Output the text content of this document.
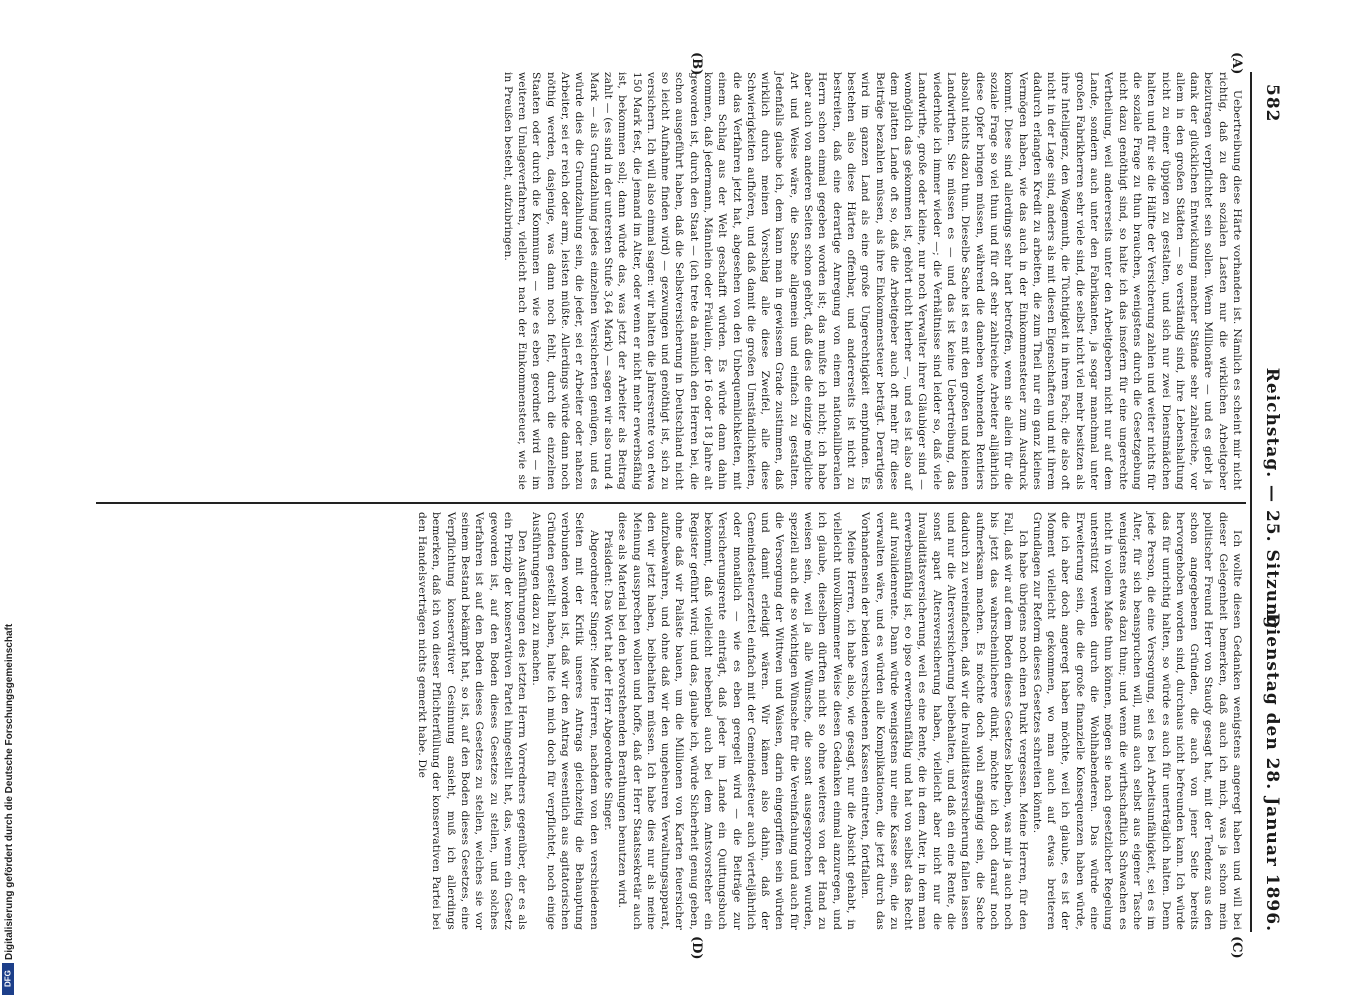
582
Reichstag. — 25. Sitzung.
Dienstag den 28. Januar 1896.
(A)
(B)
(C)
(D)

Uebertreibung diese Härte vorhanden ist. Nämlich es scheint mir nicht richtig, daß zu den sozialen Lasten nur die wirklichen Arbeitgeber beizutragen verpflichtet sein sollen. Wenn Millionäre — und es giebt ja dank der glücklichen Entwicklung mancher Stände sehr zahlreiche, vor allem in den großen Städten — so verständig sind, ihre Lebenshaltung nicht zu einer üppigen zu gestalten, und sich nur zwei Dienstmädchen halten und für sie die Hälfte der Versicherung zahlen und weiter nichts für die soziale Frage zu thun brauchen, wenigstens durch die Gesetzgebung nicht dazu genöthigt sind, so halte ich das insofern für eine ungerechte Vertheilung, weil andererseits unter den Arbeitgebern nicht nur auf dem Lande, sondern auch unter den Fabrikanten, ja sogar manchmal unter großen Fabrikherren sehr viele sind, die selbst nicht viel mehr besitzen als ihre Intelligenz, den Wagemuth, die Tüchtigkeit in ihrem Fach; die also oft nicht in der Lage sind, anders als mit diesen Eigenschaften und mit ihrem dadurch erlangten Kredit zu arbeiten, die zum Theil nur ein ganz kleines Vermögen haben, wie das auch in der Einkommensteuer zum Ausdruck kommt. Diese sind allerdings sehr hart betroffen, wenn sie allein für die soziale Frage so viel thun und für oft sehr zahlreiche Arbeiter alljährlich diese Opfer bringen müssen, während die daneben wohnenden Rentiers absolut nichts dazu thun. Dieselbe Sache ist es mit den großen und kleinen Landwirthen. Sie müssen es — und das ist keine Uebertreibung, das wiederhole ich immer wieder —; die Verhältnisse sind leider so, daß viele Landwirthe, große oder kleine, nur noch Verwalter ihrer Gläubiger sind — womöglich das gekommen ist, gehört nicht hierher —, und es ist also auf dem platten Lande oft so, daß die Arbeitgeber auch oft mehr für diese Beiträge bezahlen müssen, als ihre Einkommensteuer beträgt. Derartiges wird im ganzen Land als eine große Ungerechtigkeit empfunden. Es bestehen also diese Härten offenbar, und andererseits ist nicht zu bestreiten, daß eine derartige Anregung von einem nationalliberalen Herrn schon einmal gegeben worden ist; das mußte ich nicht; ich habe aber auch von anderen Seiten schon gehört, daß dies die einzige mögliche Art und Weise wäre, die Sache allgemein und einfach zu gestalten. Jedenfalls glaube ich, dem kann man in gewissem Grade zustimmen, daß wirklich durch meinen Vorschlag alle diese Zweifel, alle diese Schwierigkeiten aufhören, und daß damit die großen Umständlichkeiten, die das Verfahren jetzt hat, abgesehen von den Unbequemlichkeiten, mit einem Schlag aus der Welt geschafft würden. Es würde dann dahin kommen, daß jedermann, Männlein oder Fräulein, der 16 oder 18 Jahre alt geworden ist, durch den Staat — (ich trete da nämlich den Herren bei, die schon ausgeführt haben, daß die Selbstversicherung in Deutschland nicht so leicht Aufnahme finden wird) — gezwungen und genöthigt ist, sich zu versichern. Ich will also einmal sagen: wir halten die Jahresrente von etwa 150 Mark fest, die jemand im Alter, oder wenn er nicht mehr erwerbsfähig ist, bekommen soll; dann würde das, was jetzt der Arbeiter als Beitrag zahlt — (es sind in der untersten Stufe 3,64 Mark) — sagen wir also rund 4 Mark — als Grundzahlung jedes einzelnen Versicherten genügen, und es würde dies die Grundzahlung sein, die jeder, sei er Arbeiter oder nahezu Arbeiter, sei er reich oder arm, leisten müßte. Allerdings würde dann noch nöthig werden, dasjenige, was dann noch fehlt, durch die einzelnen Staaten oder durch die Kommunen — wie es eben geordnet wird — im weiteren Umlageverfahren, vielleicht nach der Einkommensteuer, wie sie in Preußen besteht, aufzubringen.

Ich wollte diesen Gedanken wenigstens angeregt haben und will bei dieser Gelegenheit bemerken, daß auch ich mich, was ja schon mein politischer Freund Herr von Staudy gesagt hat, mit der Tendenz aus den schon angegebenen Gründen, die auch von jener Seite bereits hervorgehoben worden sind, durchaus nicht befreunden kann. Ich würde das für unrichtig halten, so würde es auch für unerträglich halten. Denn jede Person, die eine Versorgung, sei es bei Arbeitsunfähigkeit, sei es im Alter, für sich beanspruchen will, muß auch selbst aus eigener Tasche wenigstens etwas dazu thun; und wenn die wirthschaftlich Schwachen es nicht in vollem Maße thun können, mögen sie nach gesetzlicher Regelung unterstützt werden durch die Wohlhabenderen. Das würde eine Erweiterung sein, die die große finanzielle Konsequenzen haben würde, die ich aber doch angeregt haben möchte, weil ich glaube, es ist der Moment vielleicht gekommen, wo man auch auf etwas breiteren Grundlagen zur Reform dieses Gesetzes schreiten könnte.

Ich habe übrigens noch einen Punkt vergessen. Meine Herren, für den Fall, daß wir auf dem Boden dieses Gesetzes bleiben, was mir ja auch noch bis jetzt das wahrscheinlichere dünkt, möchte ich doch darauf noch aufmerksam machen. Es möchte doch wohl angängig sein, die Sache dadurch zu vereinfachen, daß wir die Invaliditätsversicherung fallen lassen und nur die Altersversicherung beibehalten, und daß ein eine Rente, die sonst apart Altersversicherung haben, vielleicht aber nicht nur die Invaliditätsversicherung, weil es eine Rente, die in dem Alter, in dem man erwerbsunfähig ist, eo ipso erwerbsunfähig und hat von selbst das Recht auf Invalidenrente. Dann würde wenigstens nur eine Kasse sein, die zu verwalten wäre, und es würden alle Komplikationen, die jetzt durch das Vorhandensein der beiden verschiedenen Kassen eintreten, fortfallen.

Meine Herren, ich habe also, wie gesagt, nur die Absicht gehabt, in vielleicht unvollkommener Weise diesen Gedanken einmal anzuregen, und ich glaube, dieselben dürften nicht so ohne weiteres von der Hand zu weisen sein, weil ja alle Wünsche, die sonst ausgesprochen wurden, speziell auch die so wichtigen Wünsche für die Vereinfachung und auch für die Versorgung der Wittwen und Waisen, darin eingegriffen sein würden und damit erledigt wären. Wir kämen also dahin, daß der Gemeindesteuerzettel einfach mit der Gemeindesteuer auch vierteljährlich oder monatlich — wie es eben geregelt wird — die Beiträge zur Versicherungsrente einträgt, daß jeder im Lande ein Quittungsbuch bekommt, daß vielleicht nebenbei auch bei dem Amtsvorsteher ein Register geführt wird; und das, glaube ich, würde Sicherheit genug geben, ohne daß wir Paläste bauen, um die Millionen von Karten feuersicher aufzubewahren, und ohne daß wir den ungeheuren Verwaltungsapparat, den wir jetzt haben, beibehalten müssen. Ich habe dies nur als meine Meinung aussprechen wollen und hoffe, daß der Herr Staatssekretär auch diese als Material bei den bevorstehenden Berathungen benutzen wird.

Präsident: Das Wort hat der Herr Abgeordnete Singer.

Abgeordneter Singer: Meine Herren, nachdem von den verschiedenen Seiten mit der Kritik unseres Antrags gleichzeitig die Behauptung verbunden worden ist, daß wir den Antrag wesentlich aus agitatorischen Gründen gestellt haben, halte ich mich doch für verpflichtet, noch einige Ausführungen dazu zu machen.

Den Ausführungen des letzten Herrn Vorredners gegenüber, der es als ein Prinzip der konservativen Partei hingestellt hat, das, wenn ein Gesetz geworden ist, auf den Boden dieses Gesetzes zu stellen, und solches Verfahren ist auf den Boden dieses Gesetzes zu stellen, welches sie vor seinem Bestand bekämpft hat, so ist, auf den Boden dieses Gesetzes, eine Verpflichtung konservativer Gesinnung ansieht, muß ich allerdings bemerken, daß ich von dieser Pflichterfüllung der konservativen Partei bei den Handelsverträgen nichts gemerkt habe. Die

DFG
Digitalisierung gefördert durch die Deutsche Forschungsgemeinschaft
